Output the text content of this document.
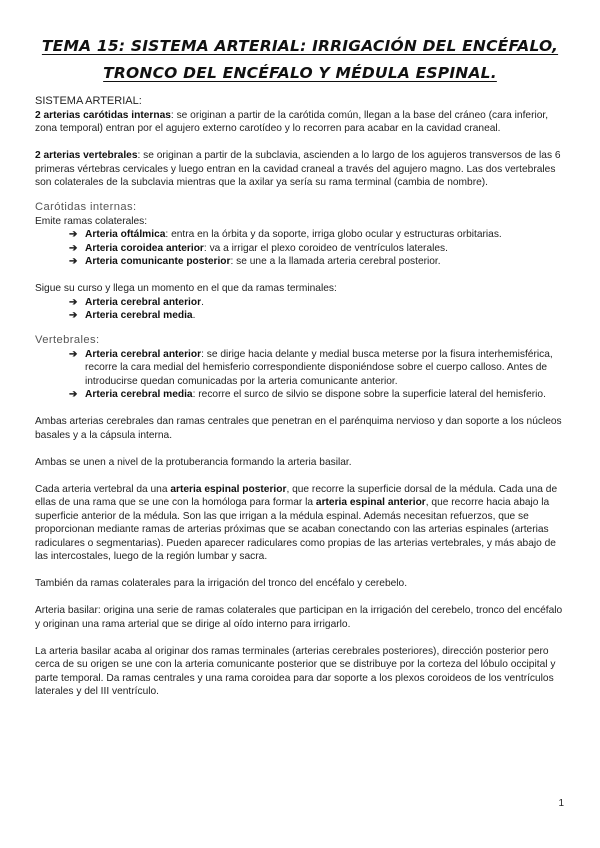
TEMA 15: SISTEMA ARTERIAL: IRRIGACIÓN DEL ENCÉFALO,
TRONCO DEL ENCÉFALO Y MÉDULA ESPINAL.

SISTEMA ARTERIAL:

2 arterias carótidas internas: se originan a partir de la carótida común, llegan a la base del cráneo (cara inferior, zona temporal) entran por el agujero externo carotídeo y lo recorren para acabar en la cavidad craneal.

2 arterias vertebrales: se originan a partir de la subclavia, ascienden a lo largo de los agujeros transversos de las 6 primeras vértebras cervicales y luego entran en la cavidad craneal a través del agujero magno. Las dos vertebrales son colaterales de la subclavia mientras que la axilar ya sería su rama terminal (cambia de nombre).

Carótidas internas:

Emite ramas colaterales:

➔ Arteria oftálmica: entra en la órbita y da soporte, irriga globo ocular y estructuras orbitarias.
➔ Arteria coroidea anterior: va a irrigar el plexo coroideo de ventrículos laterales.
➔ Arteria comunicante posterior: se une a la llamada arteria cerebral posterior.

Sigue su curso y llega un momento en el que da ramas terminales:

➔ Arteria cerebral anterior.
➔ Arteria cerebral media.

Vertebrales:

➔ Arteria cerebral anterior: se dirige hacia delante y medial busca meterse por la fisura interhemisférica, recorre la cara medial del hemisferio correspondiente disponiéndose sobre el cuerpo calloso. Antes de introducirse quedan comunicadas por la arteria comunicante anterior.
➔ Arteria cerebral media: recorre el surco de silvio se dispone sobre la superficie lateral del hemisferio.

Ambas arterias cerebrales dan ramas centrales que penetran en el parénquima nervioso y dan soporte a los núcleos basales y a la cápsula interna.

Ambas se unen a nivel de la protuberancia formando la arteria basilar.

Cada arteria vertebral da una arteria espinal posterior, que recorre la superficie dorsal de la médula. Cada una de ellas de una rama que se une con la homóloga para formar la arteria espinal anterior, que recorre hacia abajo la superficie anterior de la médula. Son las que irrigan a la médula espinal. Además necesitan refuerzos, que se proporcionan mediante ramas de arterias próximas que se acaban conectando con las arterias espinales (arterias radiculares o segmentarias). Pueden aparecer radiculares como propias de las arterias vertebrales, y más abajo de las intercostales, luego de la región lumbar y sacra.

También da ramas colaterales para la irrigación del tronco del encéfalo y cerebelo.

Arteria basilar: origina una serie de ramas colaterales que participan en la irrigación del cerebelo, tronco del encéfalo y originan una rama arterial que se dirige al oído interno para irrigarlo.

La arteria basilar acaba al originar dos ramas terminales (arterias cerebrales posteriores), dirección posterior pero cerca de su origen se une con la arteria comunicante posterior que se distribuye por la corteza del lóbulo occipital y parte temporal. Da ramas centrales y una rama coroidea para dar soporte a los plexos coroideos de los ventrículos laterales y del III ventrículo.

1
